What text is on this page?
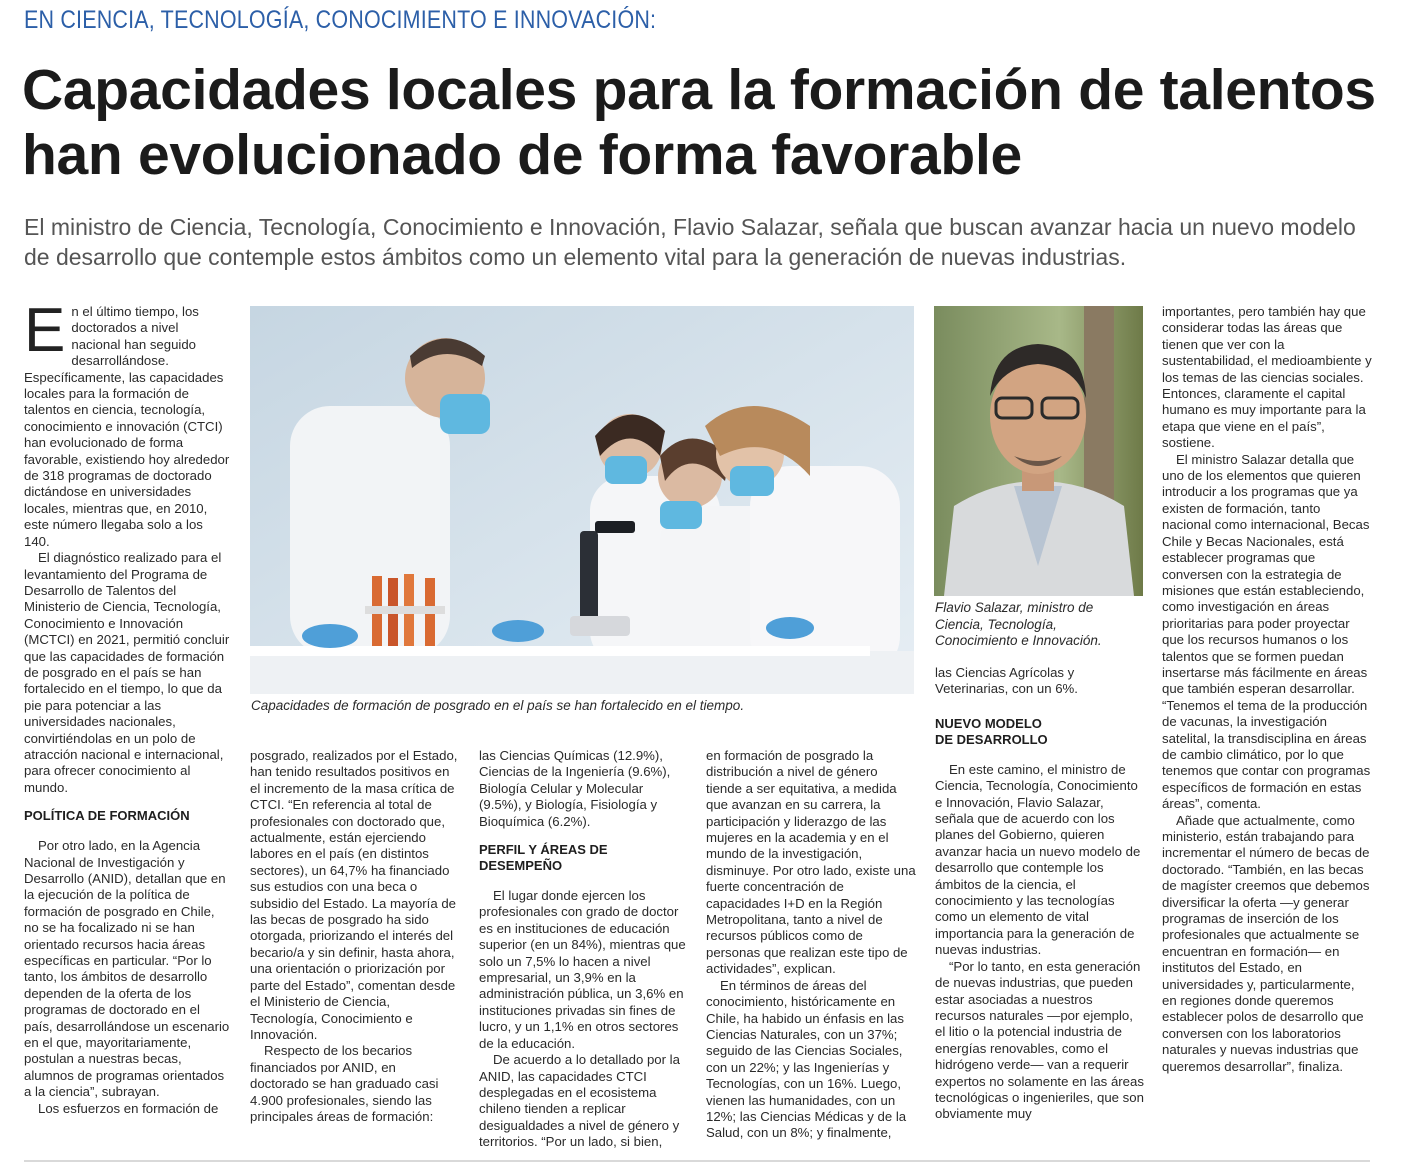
EN CIENCIA, TECNOLOGÍA, CONOCIMIENTO E INNOVACIÓN:
Capacidades locales para la formación de talentos han evolucionado de forma favorable

El ministro de Ciencia, Tecnología, Conocimiento e Innovación, Flavio Salazar, señala que buscan avanzar hacia un nuevo modelo de desarrollo que contemple estos ámbitos como un elemento vital para la generación de nuevas industrias.

E n el último tiempo, los doctorados a nivel nacional han seguido desarrollándose. Específicamente, las capacidades locales para la formación de talentos en ciencia, tecnología, conocimiento e innovación (CTCI) han evolucionado de forma favorable, existiendo hoy alrededor de 318 programas de doctorado dictándose en universidades locales, mientras que, en 2010, este número llegaba solo a los 140.

El diagnóstico realizado para el levantamiento del Programa de Desarrollo de Talentos del Ministerio de Ciencia, Tecnología, Conocimiento e Innovación (MCTCI) en 2021, permitió concluir que las capacidades de formación de posgrado en el país se han fortalecido en el tiempo, lo que da pie para potenciar a las universidades nacionales, convirtiéndolas en un polo de atracción nacional e internacional, para ofrecer conocimiento al mundo.

POLÍTICA DE FORMACIÓN

Por otro lado, en la Agencia Nacional de Investigación y Desarrollo (ANID), detallan que en la ejecución de la política de formación de posgrado en Chile, no se ha focalizado ni se han orientado recursos hacia áreas específicas en particular. “Por lo tanto, los ámbitos de desarrollo dependen de la oferta de los programas de doctorado en el país, desarrollándose un escenario en el que, mayoritariamente, postulan a nuestras becas, alumnos de programas orientados a la ciencia”, subrayan.

Los esfuerzos en formación de

Capacidades de formación de posgrado en el país se han fortalecido en el tiempo.
Flavio Salazar, ministro de Ciencia, Tecnología, Conocimiento e Innovación.

posgrado, realizados por el Estado, han tenido resultados positivos en el incremento de la masa crítica de CTCI. “En referencia al total de profesionales con doctorado que, actualmente, están ejerciendo labores en el país (en distintos sectores), un 64,7% ha financiado sus estudios con una beca o subsidio del Estado. La mayoría de las becas de posgrado ha sido otorgada, priorizando el interés del becario/a y sin definir, hasta ahora, una orientación o priorización por parte del Estado”, comentan desde el Ministerio de Ciencia, Tecnología, Conocimiento e Innovación.

Respecto de los becarios financiados por ANID, en doctorado se han graduado casi 4.900 profesionales, siendo las principales áreas de formación:

las Ciencias Químicas (12.9%), Ciencias de la Ingeniería (9.6%), Biología Celular y Molecular (9.5%), y Biología, Fisiología y Bioquímica (6.2%).

PERFIL Y ÁREAS DE DESEMPEÑO

El lugar donde ejercen los profesionales con grado de doctor es en instituciones de educación superior (en un 84%), mientras que solo un 7,5% lo hacen a nivel empresarial, un 3,9% en la administración pública, un 3,6% en instituciones privadas sin fines de lucro, y un 1,1% en otros sectores de la educación.

De acuerdo a lo detallado por la ANID, las capacidades CTCI desplegadas en el ecosistema chileno tienden a replicar desigualdades a nivel de género y territorios. “Por un lado, si bien,

en formación de posgrado la distribución a nivel de género tiende a ser equitativa, a medida que avanzan en su carrera, la participación y liderazgo de las mujeres en la academia y en el mundo de la investigación, disminuye. Por otro lado, existe una fuerte concentración de capacidades I+D en la Región Metropolitana, tanto a nivel de recursos públicos como de personas que realizan este tipo de actividades”, explican.

En términos de áreas del conocimiento, históricamente en Chile, ha habido un énfasis en las Ciencias Naturales, con un 37%; seguido de las Ciencias Sociales, con un 22%; y las Ingenierías y Tecnologías, con un 16%. Luego, vienen las humanidades, con un 12%; las Ciencias Médicas y de la Salud, con un 8%; y finalmente,

las Ciencias Agrícolas y Veterinarias, con un 6%.

NUEVO MODELO
DE DESARROLLO

En este camino, el ministro de Ciencia, Tecnología, Conocimiento e Innovación, Flavio Salazar, señala que de acuerdo con los planes del Gobierno, quieren avanzar hacia un nuevo modelo de desarrollo que contemple los ámbitos de la ciencia, el conocimiento y las tecnologías como un elemento de vital importancia para la generación de nuevas industrias.

“Por lo tanto, en esta generación de nuevas industrias, que pueden estar asociadas a nuestros recursos naturales —por ejemplo, el litio o la potencial industria de energías renovables, como el hidrógeno verde— van a requerir expertos no solamente en las áreas tecnológicas o ingenieriles, que son obviamente muy

importantes, pero también hay que considerar todas las áreas que tienen que ver con la sustentabilidad, el medioambiente y los temas de las ciencias sociales. Entonces, claramente el capital humano es muy importante para la etapa que viene en el país”, sostiene.

El ministro Salazar detalla que uno de los elementos que quieren introducir a los programas que ya existen de formación, tanto nacional como internacional, Becas Chile y Becas Nacionales, está establecer programas que conversen con la estrategia de misiones que están estableciendo, como investigación en áreas prioritarias para poder proyectar que los recursos humanos o los talentos que se formen puedan insertarse más fácilmente en áreas que también esperan desarrollar. “Tenemos el tema de la producción de vacunas, la investigación satelital, la transdisciplina en áreas de cambio climático, por lo que tenemos que contar con programas específicos de formación en estas áreas”, comenta.

Añade que actualmente, como ministerio, están trabajando para incrementar el número de becas de doctorado. “También, en las becas de magíster creemos que debemos diversificar la oferta —y generar programas de inserción de los profesionales que actualmente se encuentran en formación— en institutos del Estado, en universidades y, particularmente, en regiones donde queremos establecer polos de desarrollo que conversen con los laboratorios naturales y nuevas industrias que queremos desarrollar”, finaliza.
